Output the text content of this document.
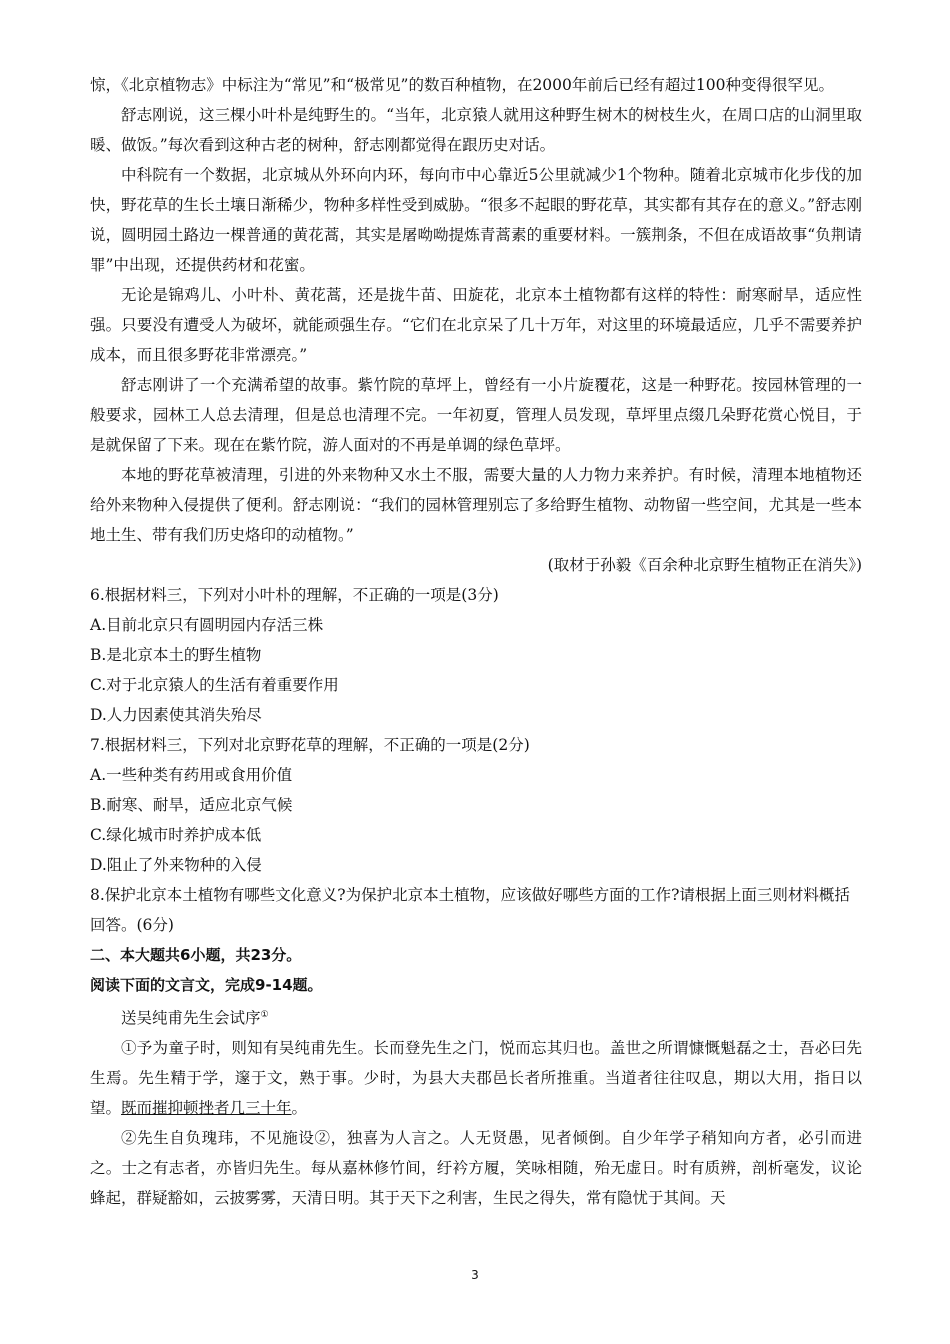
惊，《北京植物志》中标注为“常见”和“极常见”的数百种植物，在2000年前后已经有超过100种变得很罕见。

舒志刚说，这三棵小叶朴是纯野生的。“当年，北京猿人就用这种野生树木的树枝生火，在周口店的山洞里取暖、做饭。”每次看到这种古老的树种，舒志刚都觉得在跟历史对话。

中科院有一个数据，北京城从外环向内环，每向市中心靠近5公里就减少1个物种。随着北京城市化步伐的加快，野花草的生长土壤日渐稀少，物种多样性受到威胁。“很多不起眼的野花草，其实都有其存在的意义。”舒志刚说，圆明园土路边一棵普通的黄花蒿，其实是屠呦呦提炼青蒿素的重要材料。一簇荆条，不但在成语故事“负荆请罪”中出现，还提供药材和花蜜。

无论是锦鸡儿、小叶朴、黄花蒿，还是拢牛苗、田旋花，北京本土植物都有这样的特性：耐寒耐旱，适应性强。只要没有遭受人为破坏，就能顽强生存。“它们在北京呆了几十万年，对这里的环境最适应，几乎不需要养护成本，而且很多野花非常漂亮。”

舒志刚讲了一个充满希望的故事。紫竹院的草坪上，曾经有一小片旋覆花，这是一种野花。按园林管理的一般要求，园林工人总去清理，但是总也清理不完。一年初夏，管理人员发现，草坪里点缀几朵野花赏心悦目，于是就保留了下来。现在在紫竹院，游人面对的不再是单调的绿色草坪。

本地的野花草被清理，引进的外来物种又水土不服，需要大量的人力物力来养护。有时候，清理本地植物还给外来物种入侵提供了便利。舒志刚说：“我们的园林管理别忘了多给野生植物、动物留一些空间，尤其是一些本地土生、带有我们历史烙印的动植物。”

(取材于孙毅《百余种北京野生植物正在消失》)

6.根据材料三，下列对小叶朴的理解，不正确的一项是(3分)

A.目前北京只有圆明园内存活三株

B.是北京本土的野生植物

C.对于北京猿人的生活有着重要作用

D.人力因素使其消失殆尽

7.根据材料三，下列对北京野花草的理解，不正确的一项是(2分)

A.一些种类有药用或食用价值

B.耐寒、耐旱，适应北京气候

C.绿化城市时养护成本低

D.阻止了外来物种的入侵

8.保护北京本土植物有哪些文化意义?为保护北京本土植物，应该做好哪些方面的工作?请根据上面三则材料概括回答。(6分)

二、本大题共6小题，共23分。

阅读下面的文言文，完成9-14题。

送吴纯甫先生会试序①

①予为童子时，则知有吴纯甫先生。长而登先生之门，悦而忘其归也。盖世之所谓慷慨魁磊之士，吾必曰先生焉。先生精于学，邃于文，熟于事。少时，为县大夫郡邑长者所推重。当道者往往叹息，期以大用，指日以望。既而摧抑顿挫者几三十年。

②先生自负瑰玮，不见施设②，独喜为人言之。人无贤愚，见者倾倒。自少年学子稍知向方者，必引而进之。士之有志者，亦皆归先生。每从嘉林修竹间，纡衿方履，笑咏相随，殆无虚日。时有质辨，剖析毫发，议论蜂起，群疑豁如，云披雾雾，天清日明。其于天下之利害，生民之得失，常有隐忧于其间。天

3
